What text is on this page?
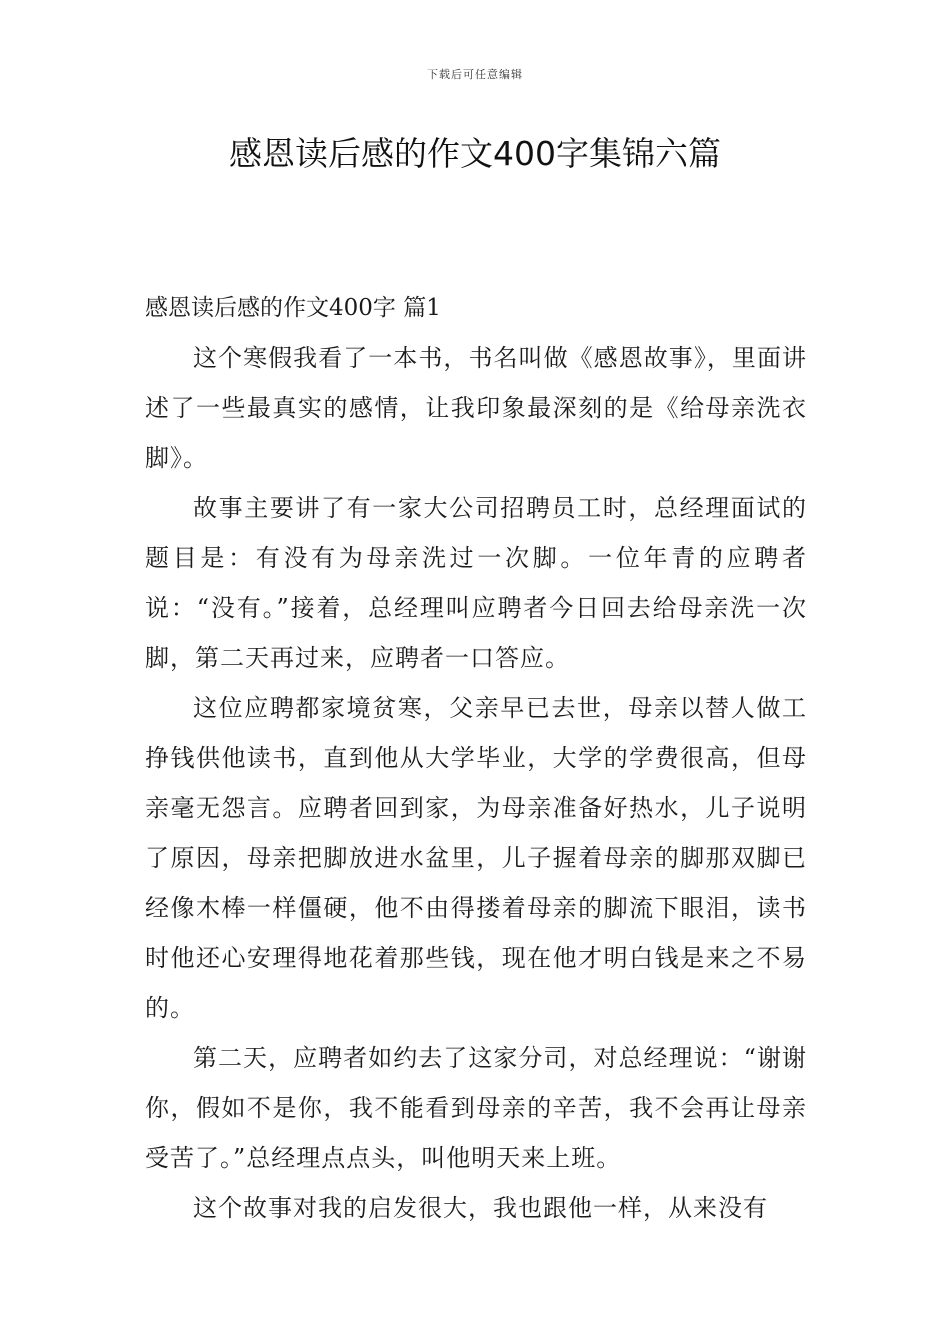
下载后可任意编辑
感恩读后感的作文400字集锦六篇

感恩读后感的作文400字 篇1

这个寒假我看了一本书，书名叫做《感恩故事》，里面讲述了一些最真实的感情，让我印象最深刻的是《给母亲洗衣脚》。

故事主要讲了有一家大公司招聘员工时，总经理面试的题目是：有没有为母亲洗过一次脚。一位年青的应聘者说：“没有。”接着，总经理叫应聘者今日回去给母亲洗一次脚，第二天再过来，应聘者一口答应。

这位应聘都家境贫寒，父亲早已去世，母亲以替人做工挣钱供他读书，直到他从大学毕业，大学的学费很高，但母亲毫无怨言。应聘者回到家，为母亲准备好热水，儿子说明了原因，母亲把脚放进水盆里，儿子握着母亲的脚那双脚已经像木棒一样僵硬，他不由得搂着母亲的脚流下眼泪，读书时他还心安理得地花着那些钱，现在他才明白钱是来之不易的。

第二天，应聘者如约去了这家分司，对总经理说：“谢谢你，假如不是你，我不能看到母亲的辛苦，我不会再让母亲受苦了。”总经理点点头，叫他明天来上班。

这个故事对我的启发很大，我也跟他一样，从来没有
